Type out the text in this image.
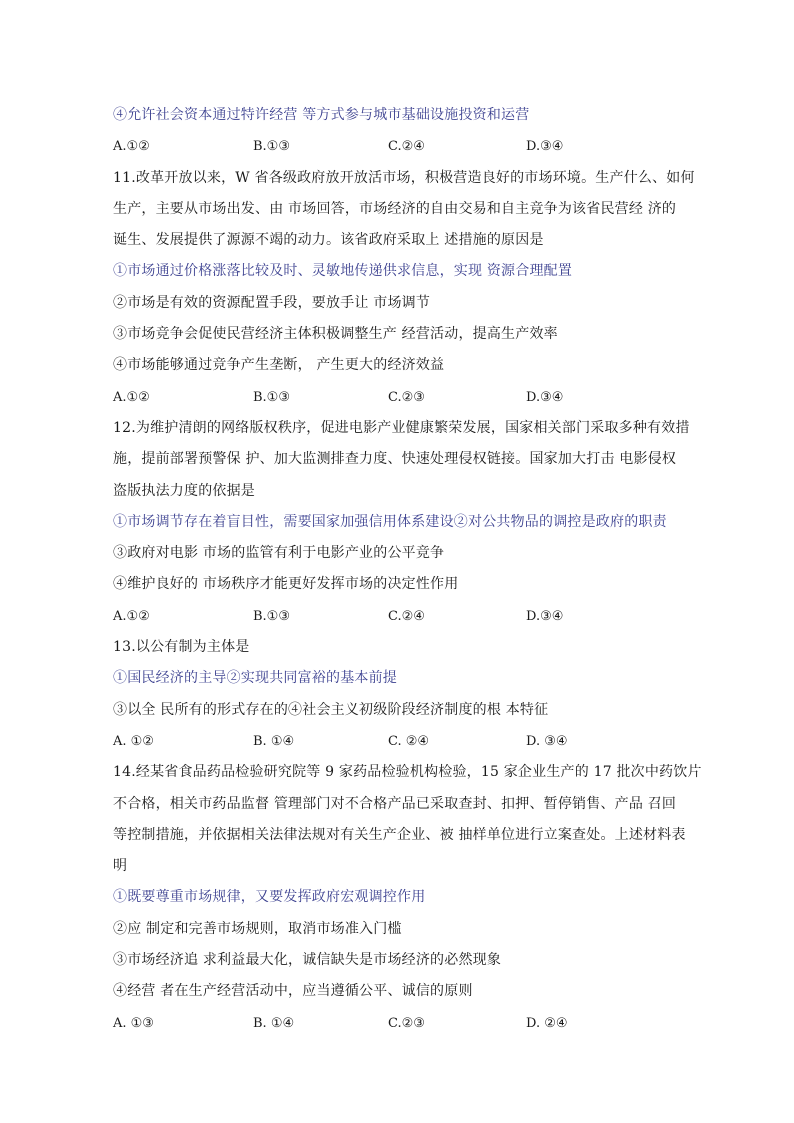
④允许社会资本通过特许经营 等方式参与城市基础设施投资和运营
A.①②	B.①③	C.②④	D.③④
11.改革开放以来，W 省各级政府放开放活市场，积极营造良好的市场环境。生产什么、如何
生产，主要从市场出发、由 市场回答，市场经济的自由交易和自主竞争为该省民营经 济的
诞生、发展提供了源源不竭的动力。该省政府采取上 述措施的原因是
①市场通过价格涨落比较及时、灵敏地传递供求信息，实现 资源合理配置
②市场是有效的资源配置手段，要放手让 市场调节
③市场竞争会促使民营经济主体积极调整生产 经营活动，提高生产效率
④市场能够通过竞争产生垄断， 产生更大的经济效益
A.①②	B.①③	C.②③	D.③④
12.为维护清朗的网络版权秩序，促进电影产业健康繁荣发展，国家相关部门采取多种有效措
施，提前部署预警保 护、加大监测排查力度、快速处理侵权链接。国家加大打击 电影侵权
盗版执法力度的依据是
①市场调节存在着盲目性，需要国家加强信用体系建设②对公共物品的调控是政府的职责
③政府对电影 市场的监管有利于电影产业的公平竞争
④维护良好的 市场秩序才能更好发挥市场的决定性作用
A.①②	B.①③	C.②④	D.③④
13.以公有制为主体是
①国民经济的主导②实现共同富裕的基本前提
③以全 民所有的形式存在的④社会主义初级阶段经济制度的根 本特征
A. ①②	B. ①④	C. ②④	D. ③④
14.经某省食品药品检验研究院等 9 家药品检验机构检验，15 家企业生产的 17 批次中药饮片
不合格，相关市药品监督 管理部门对不合格产品已采取查封、扣押、暂停销售、产品 召回
等控制措施，并依据相关法律法规对有关生产企业、被 抽样单位进行立案查处。上述材料表
明
①既要尊重市场规律，又要发挥政府宏观调控作用
②应 制定和完善市场规则，取消市场准入门槛
③市场经济追 求利益最大化，诚信缺失是市场经济的必然现象
④经营 者在生产经营活动中，应当遵循公平、诚信的原则
A. ①③	B. ①④	C.②③	D. ②④
